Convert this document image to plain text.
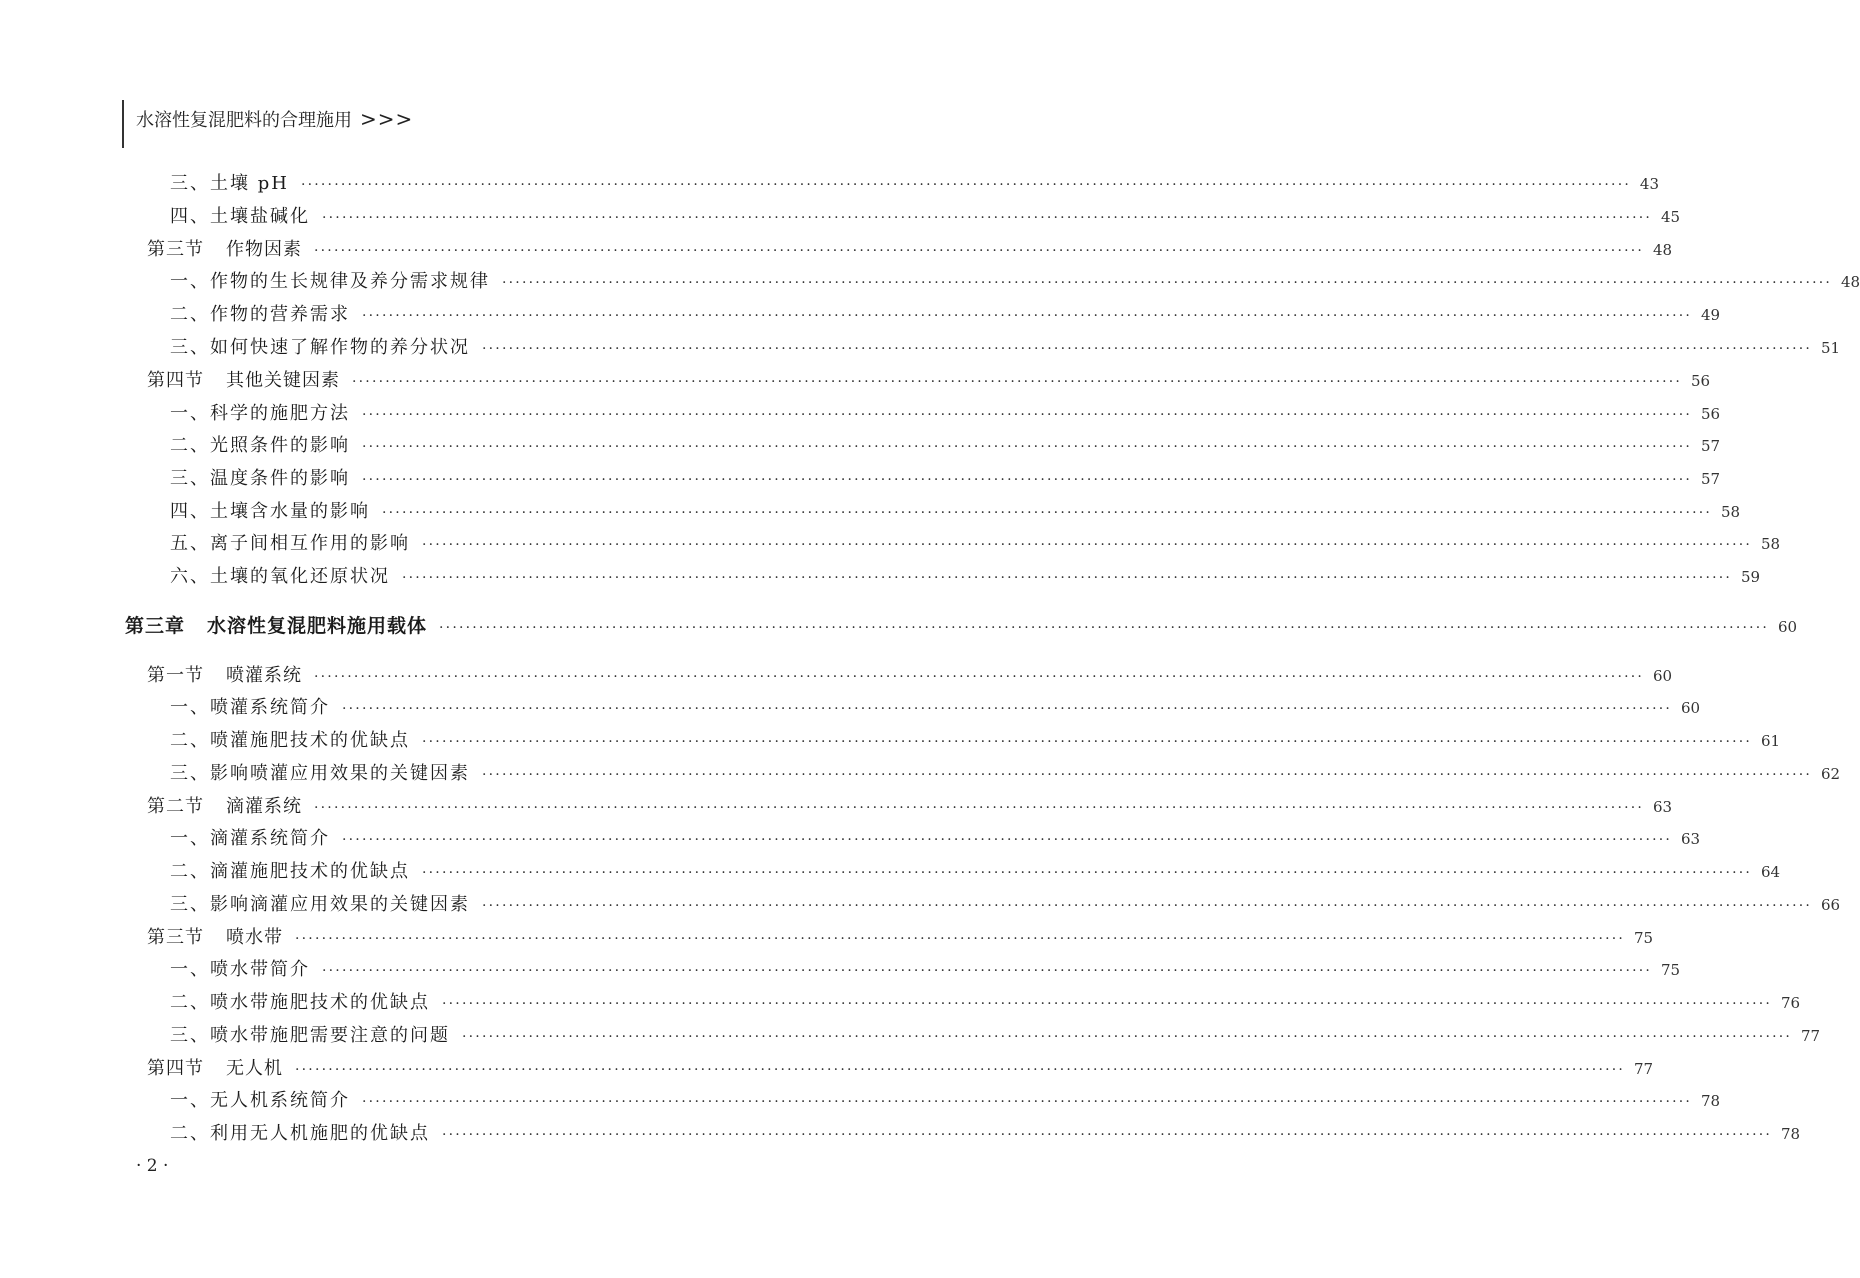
水溶性复混肥料的合理施用 >>>
三、土壤 pH ········································································································································································································ 43
四、土壤盐碱化 ········································································································································································································ 45
第三节 作物因素 ········································································································································································································ 48
一、作物的生长规律及养分需求规律 ········································································································································································································ 48
二、作物的营养需求 ········································································································································································································ 49
三、如何快速了解作物的养分状况 ········································································································································································································ 51
第四节 其他关键因素 ········································································································································································································ 56
一、科学的施肥方法 ········································································································································································································ 56
二、光照条件的影响 ········································································································································································································ 57
三、温度条件的影响 ········································································································································································································ 57
四、土壤含水量的影响 ········································································································································································································ 58
五、离子间相互作用的影响 ········································································································································································································ 58
六、土壤的氧化还原状况 ········································································································································································································ 59
第三章 水溶性复混肥料施用载体 ········································································································································································································ 60
第一节 喷灌系统 ········································································································································································································ 60
一、喷灌系统简介 ········································································································································································································ 60
二、喷灌施肥技术的优缺点 ········································································································································································································ 61
三、影响喷灌应用效果的关键因素 ········································································································································································································ 62
第二节 滴灌系统 ········································································································································································································ 63
一、滴灌系统简介 ········································································································································································································ 63
二、滴灌施肥技术的优缺点 ········································································································································································································ 64
三、影响滴灌应用效果的关键因素 ········································································································································································································ 66
第三节 喷水带 ········································································································································································································ 75
一、喷水带简介 ········································································································································································································ 75
二、喷水带施肥技术的优缺点 ········································································································································································································ 76
三、喷水带施肥需要注意的问题 ········································································································································································································ 77
第四节 无人机 ········································································································································································································ 77
一、无人机系统简介 ········································································································································································································ 78
二、利用无人机施肥的优缺点 ········································································································································································································ 78
· 2 ·
